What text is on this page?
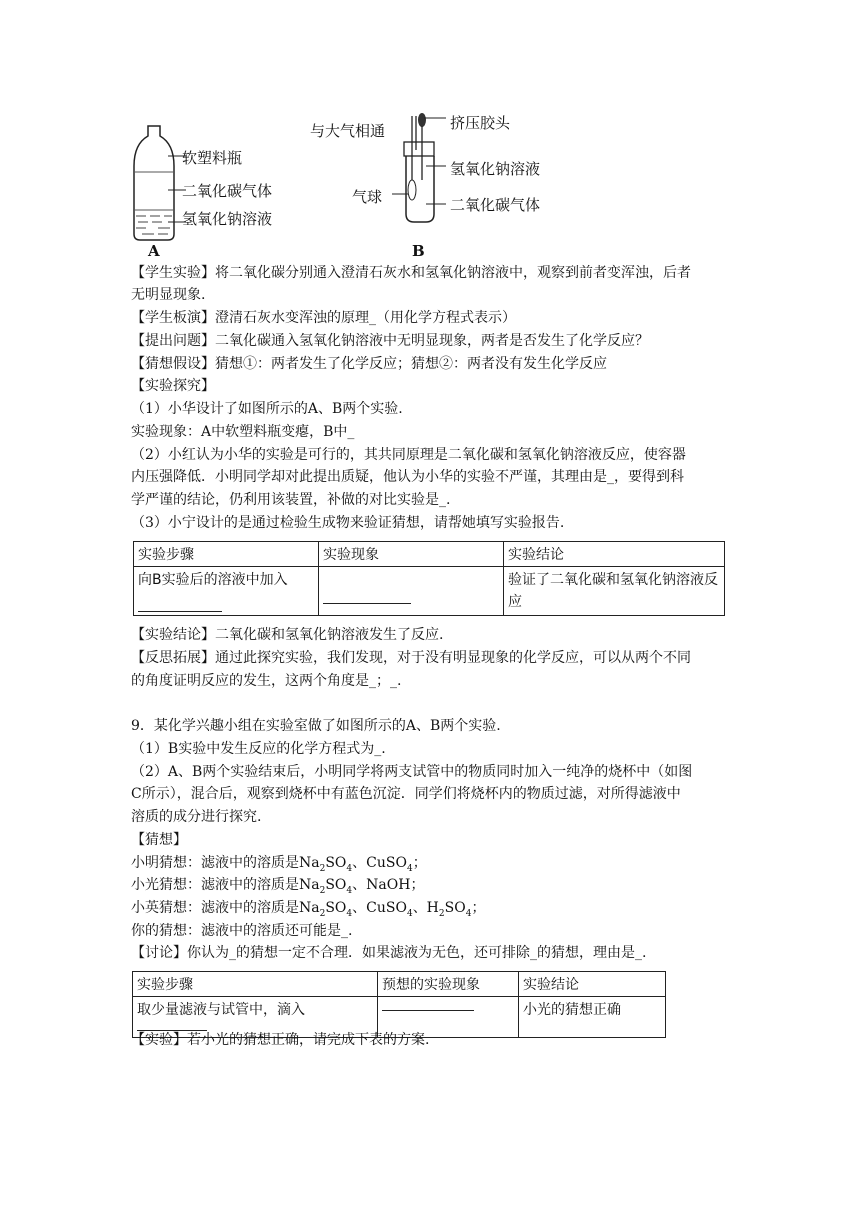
软塑料瓶
二氧化碳气体
氢氧化钠溶液
A
与大气相通	挤压胶头
氢氧化钠溶液
气球	二氧化碳气体
B
【学生实验】将二氧化碳分别通入澄清石灰水和氢氧化钠溶液中，观察到前者变浑浊，后者
无明显现象.
【学生板演】澄清石灰水变浑浊的原理_（用化学方程式表示）
【提出问题】二氧化碳通入氢氧化钠溶液中无明显现象，两者是否发生了化学反应？
【猜想假设】猜想①：两者发生了化学反应；猜想②：两者没有发生化学反应
【实验探究】
（1）小华设计了如图所示的A、B两个实验.
实验现象：A中软塑料瓶变瘪，B中_
（2）小红认为小华的实验是可行的，其共同原理是二氧化碳和氢氧化钠溶液反应，使容器
内压强降低．小明同学却对此提出质疑，他认为小华的实验不严谨，其理由是_，要得到科
学严谨的结论，仍利用该装置，补做的对比实验是_.
（3）小宁设计的是通过检验生成物来验证猜想，请帮她填写实验报告.
实验步骤	实验现象	实验结论
向B实验后的溶液中加入		验证了二氧化碳和氢氧化钠溶液反应
【实验结论】二氧化碳和氢氧化钠溶液发生了反应.
【反思拓展】通过此探究实验，我们发现，对于没有明显现象的化学反应，可以从两个不同
的角度证明反应的发生，这两个角度是_；_.
9．某化学兴趣小组在实验室做了如图所示的A、B两个实验.
（1）B实验中发生反应的化学方程式为_.
（2）A、B两个实验结束后，小明同学将两支试管中的物质同时加入一纯净的烧杯中（如图
C所示），混合后，观察到烧杯中有蓝色沉淀．同学们将烧杯内的物质过滤，对所得滤液中
溶质的成分进行探究.
【猜想】
小明猜想：滤液中的溶质是$Na_2SO_4$、CuSO$_4$；
小光猜想：滤液中的溶质是$Na_2SO_4$、NaOH；
小英猜想：滤液中的溶质是$Na_2SO_4$、CuSO$_4$、$H_2SO_4$；
你的猜想：滤液中的溶质还可能是_.
【讨论】你认为_的猜想一定不合理．如果滤液为无色，还可排除_的猜想，理由是_.
实验步骤	预想的实验现象	实验结论
取少量滤液与试管中，滴入		小光的猜想正确
【实验】若小光的猜想正确，请完成下表的方案.
